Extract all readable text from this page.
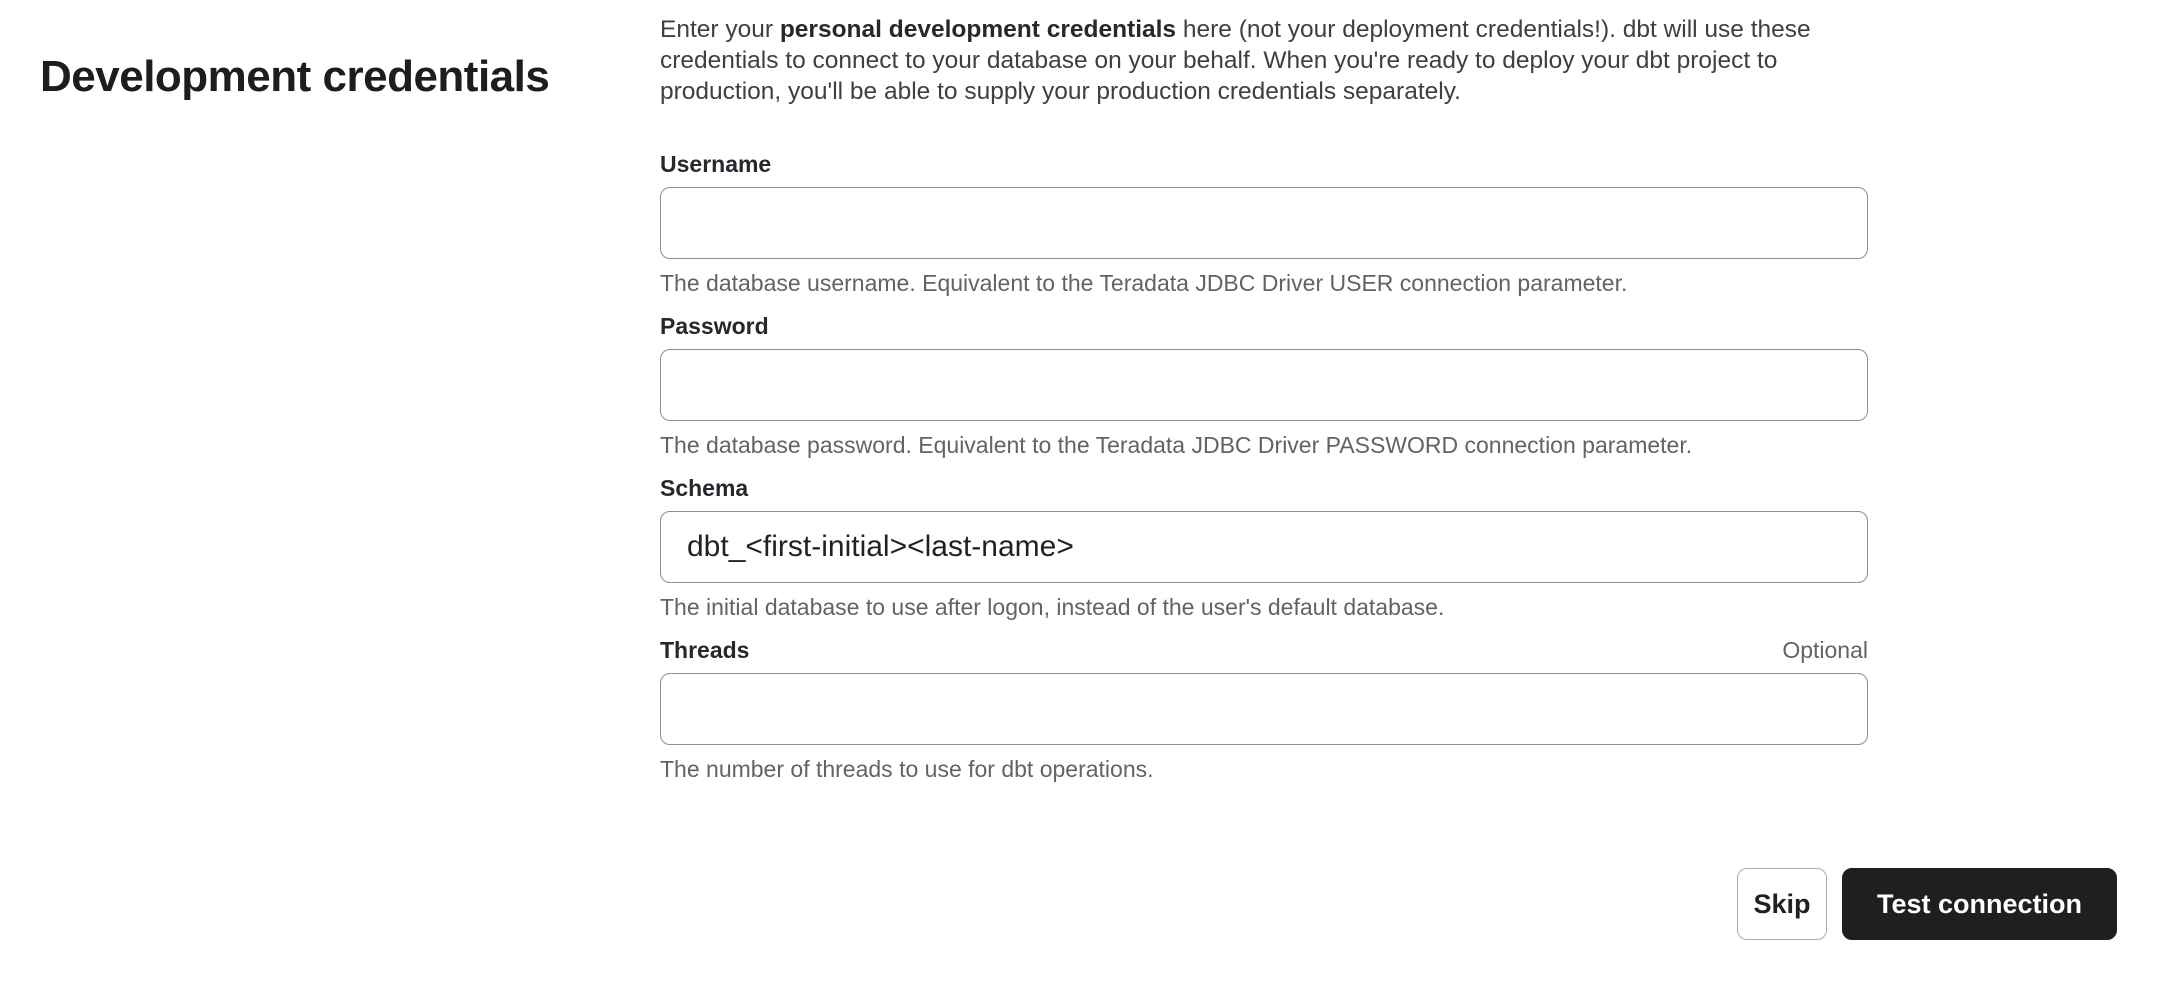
Development credentials

Enter your personal development credentials here (not your deployment credentials!). dbt will use these credentials to connect to your database on your behalf. When you're ready to deploy your dbt project to production, you'll be able to supply your production credentials separately.

Username
The database username. Equivalent to the Teradata JDBC Driver USER connection parameter.
Password
The database password. Equivalent to the Teradata JDBC Driver PASSWORD connection parameter.
Schema
dbt_<first-initial><last-name>
The initial database to use after logon, instead of the user's default database.
Threads	Optional
The number of threads to use for dbt operations.
Skip	Test connection
